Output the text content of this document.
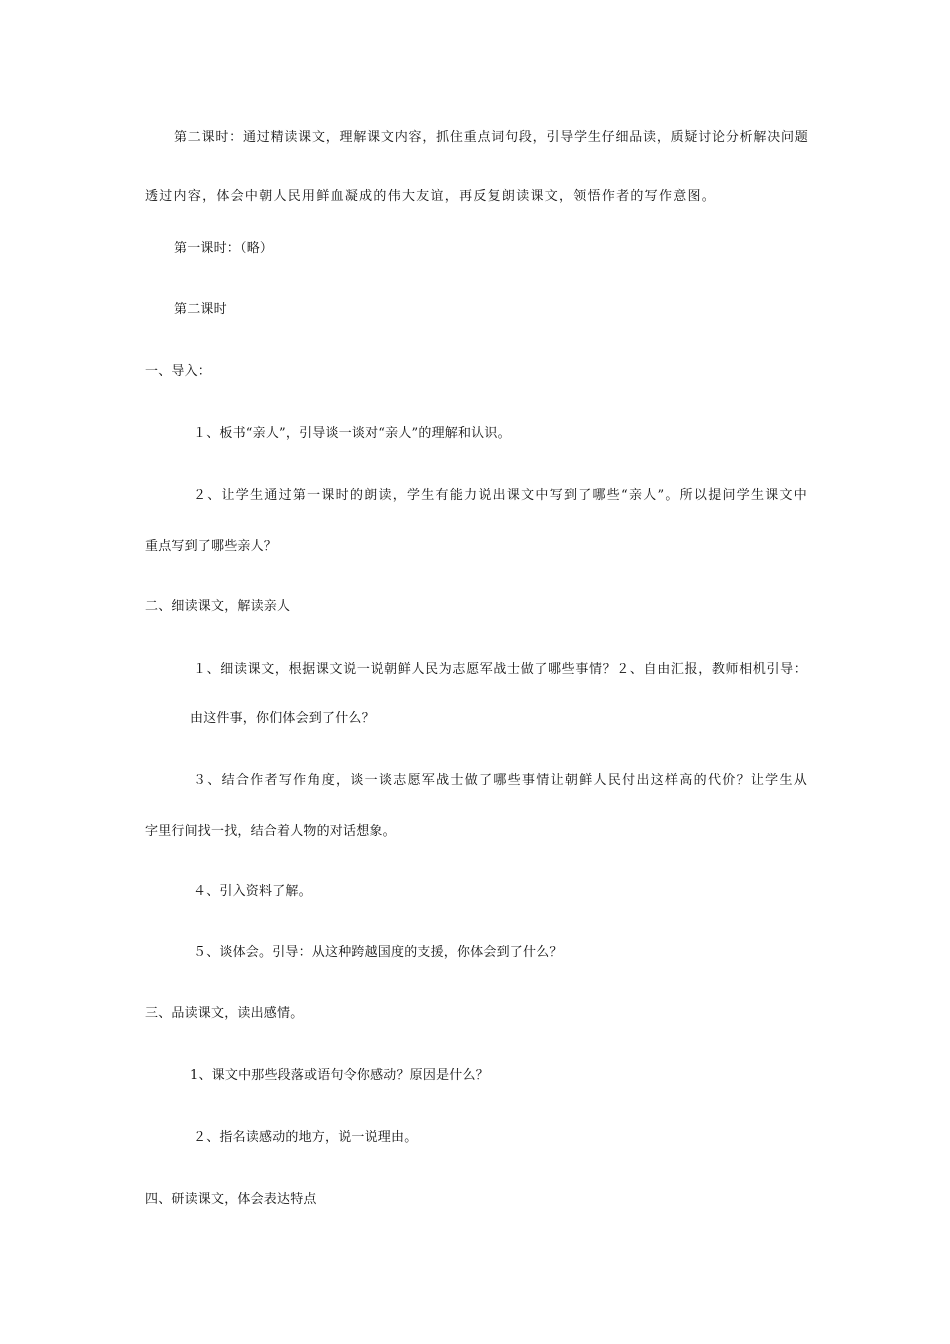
第二课时：通过精读课文，理解课文内容，抓住重点词句段，引导学生仔细品读，质疑讨论分析解决问题
透过内容，体会中朝人民用鲜血凝成的伟大友谊，再反复朗读课文，领悟作者的写作意图。
第一课时：（略）
第二课时
一、导入：
１、板书“亲人”，引导谈一谈对“亲人”的理解和认识。
２、让学生通过第一课时的朗读，学生有能力说出课文中写到了哪些“亲人”。所以提问学生课文中
重点写到了哪些亲人？
二、细读课文，解读亲人
１、细读课文，根据课文说一说朝鲜人民为志愿军战士做了哪些事情？２、自由汇报，教师相机引导：
由这件事，你们体会到了什么？
３、结合作者写作角度，谈一谈志愿军战士做了哪些事情让朝鲜人民付出这样高的代价？让学生从
字里行间找一找，结合着人物的对话想象。
４、引入资料了解。
５、谈体会。引导：从这种跨越国度的支援，你体会到了什么？
三、品读课文，读出感情。
1、课文中那些段落或语句令你感动？原因是什么？
２、指名读感动的地方，说一说理由。
四、研读课文，体会表达特点
